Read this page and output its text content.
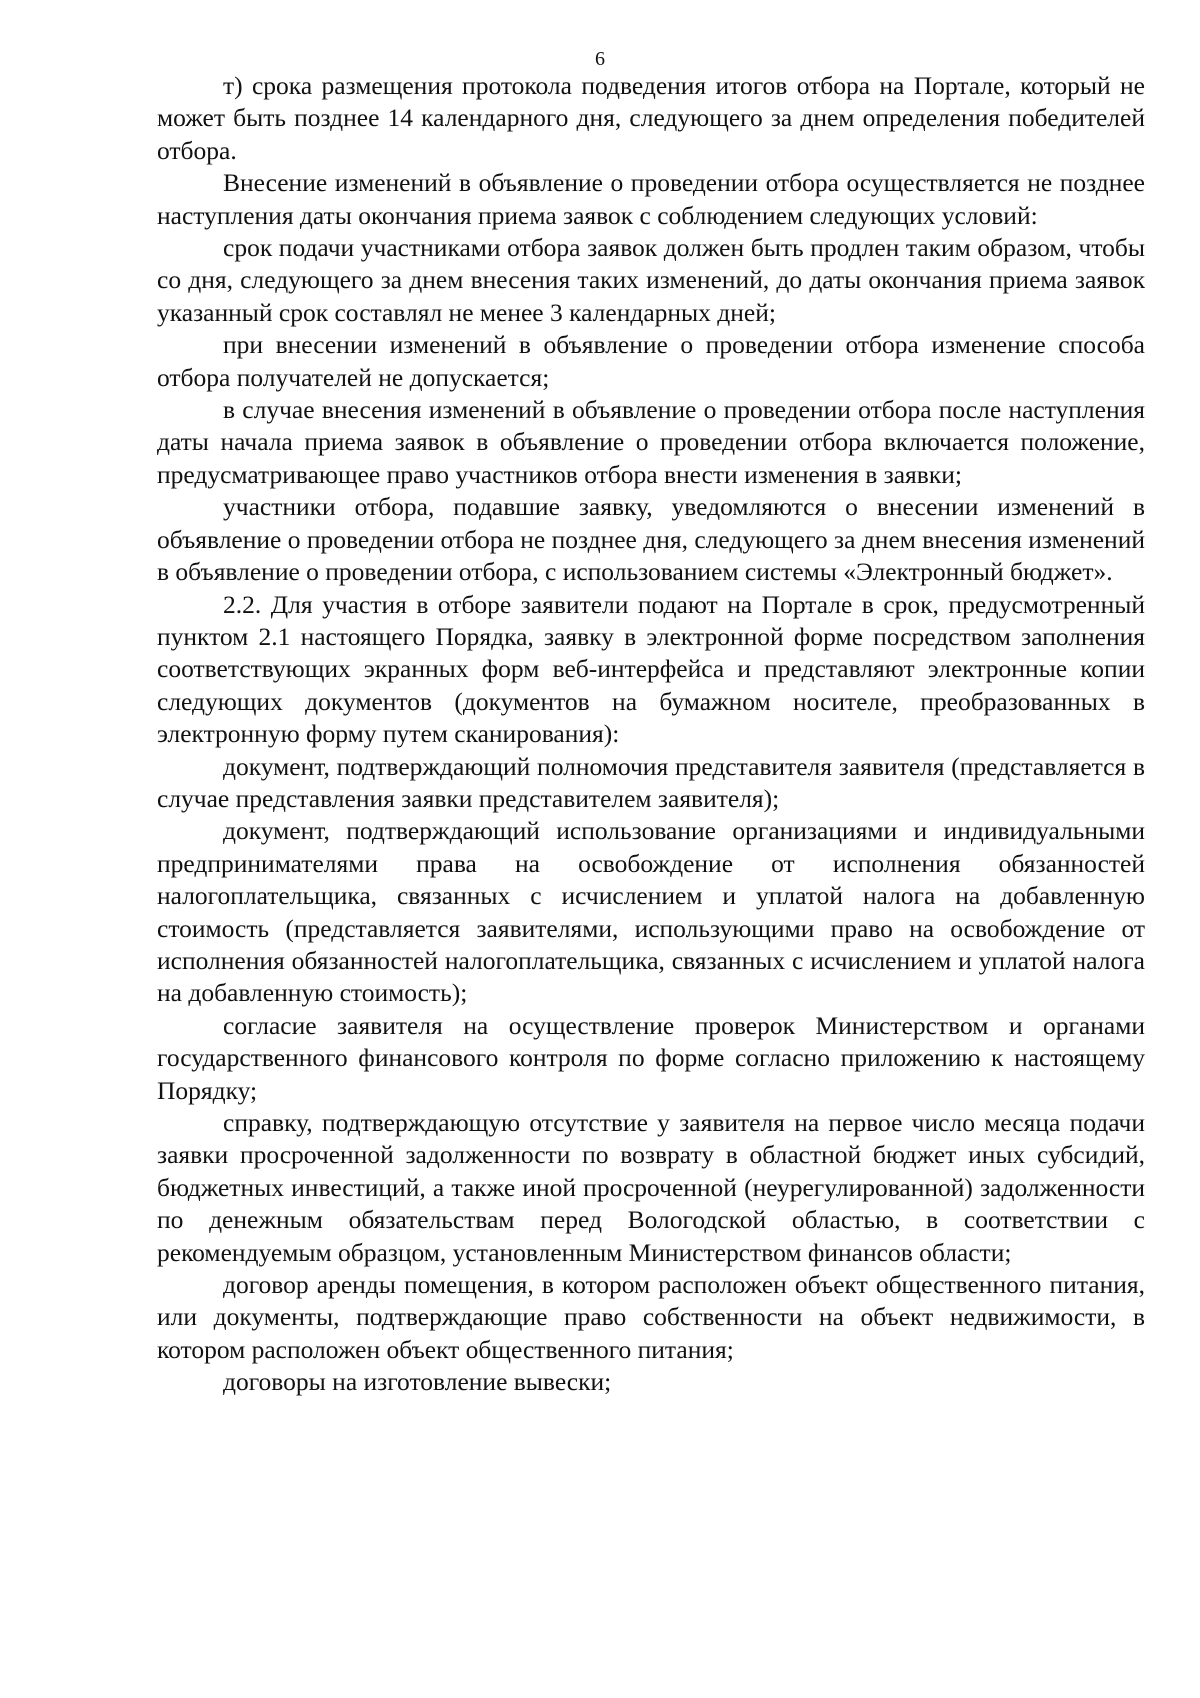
6

т) срока размещения протокола подведения итогов отбора на Портале, который не может быть позднее 14 календарного дня, следующего за днем определения победителей отбора.

Внесение изменений в объявление о проведении отбора осуществляется не позднее наступления даты окончания приема заявок с соблюдением следующих условий:

срок подачи участниками отбора заявок должен быть продлен таким образом, чтобы со дня, следующего за днем внесения таких изменений, до даты окончания приема заявок указанный срок составлял не менее 3 календарных дней;

при внесении изменений в объявление о проведении отбора изменение способа отбора получателей не допускается;

в случае внесения изменений в объявление о проведении отбора после наступления даты начала приема заявок в объявление о проведении отбора включается положение, предусматривающее право участников отбора внести изменения в заявки;

участники отбора, подавшие заявку, уведомляются о внесении изменений в объявление о проведении отбора не позднее дня, следующего за днем внесения изменений в объявление о проведении отбора, с использованием системы «Электронный бюджет».

2.2. Для участия в отборе заявители подают на Портале в срок, предусмотренный пунктом 2.1 настоящего Порядка, заявку в электронной форме посредством заполнения соответствующих экранных форм веб-интерфейса и представляют электронные копии следующих документов (документов на бумажном носителе, преобразованных в электронную форму путем сканирования):

документ, подтверждающий полномочия представителя заявителя (представляется в случае представления заявки представителем заявителя);

документ, подтверждающий использование организациями и индивидуальными предпринимателями права на освобождение от исполнения обязанностей налогоплательщика, связанных с исчислением и уплатой налога на добавленную стоимость (представляется заявителями, использующими право на освобождение от исполнения обязанностей налогоплательщика, связанных с исчислением и уплатой налога на добавленную стоимость);

согласие заявителя на осуществление проверок Министерством и органами государственного финансового контроля по форме согласно приложению к настоящему Порядку;

справку, подтверждающую отсутствие у заявителя на первое число месяца подачи заявки просроченной задолженности по возврату в областной бюджет иных субсидий, бюджетных инвестиций, а также иной просроченной (неурегулированной) задолженности по денежным обязательствам перед Вологодской областью, в соответствии с рекомендуемым образцом, установленным Министерством финансов области;

договор аренды помещения, в котором расположен объект общественного питания, или документы, подтверждающие право собственности на объект недвижимости, в котором расположен объект общественного питания;

договоры на изготовление вывески;
